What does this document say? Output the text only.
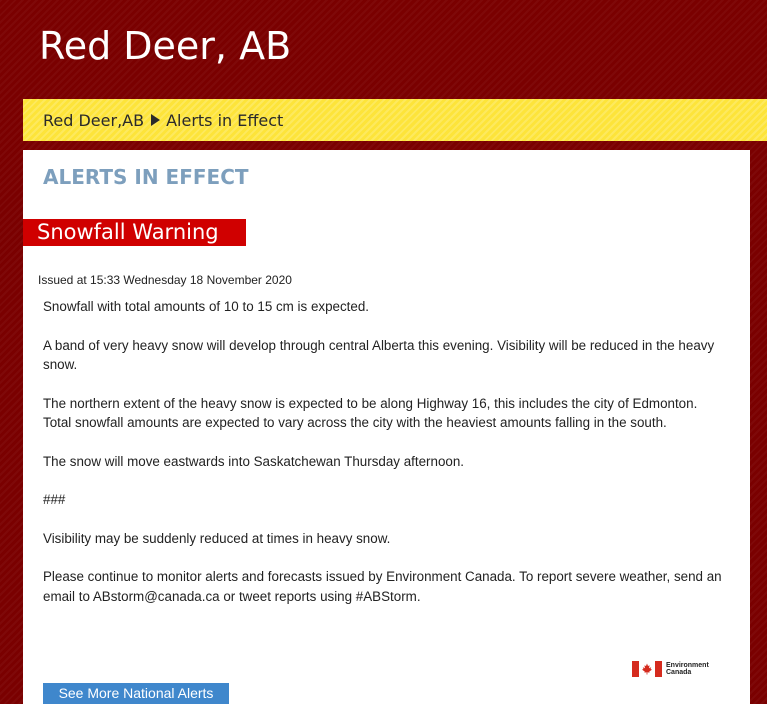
Red Deer, AB
Red Deer,AB Alerts in Effect
ALERTS IN EFFECT
Snowfall Warning
Issued at 15:33 Wednesday 18 November 2020

Snowfall with total amounts of 10 to 15 cm is expected.

A band of very heavy snow will develop through central Alberta this evening. Visibility will be reduced in the heavy snow.

The northern extent of the heavy snow is expected to be along Highway 16, this includes the city of Edmonton. Total snowfall amounts are expected to vary across the city with the heaviest amounts falling in the south.

The snow will move eastwards into Saskatchewan Thursday afternoon.

###

Visibility may be suddenly reduced at times in heavy snow.

Please continue to monitor alerts and forecasts issued by Environment Canada. To report severe weather, send an email to ABstorm@canada.ca or tweet reports using #ABStorm.

Environment
Canada
See More National Alerts
